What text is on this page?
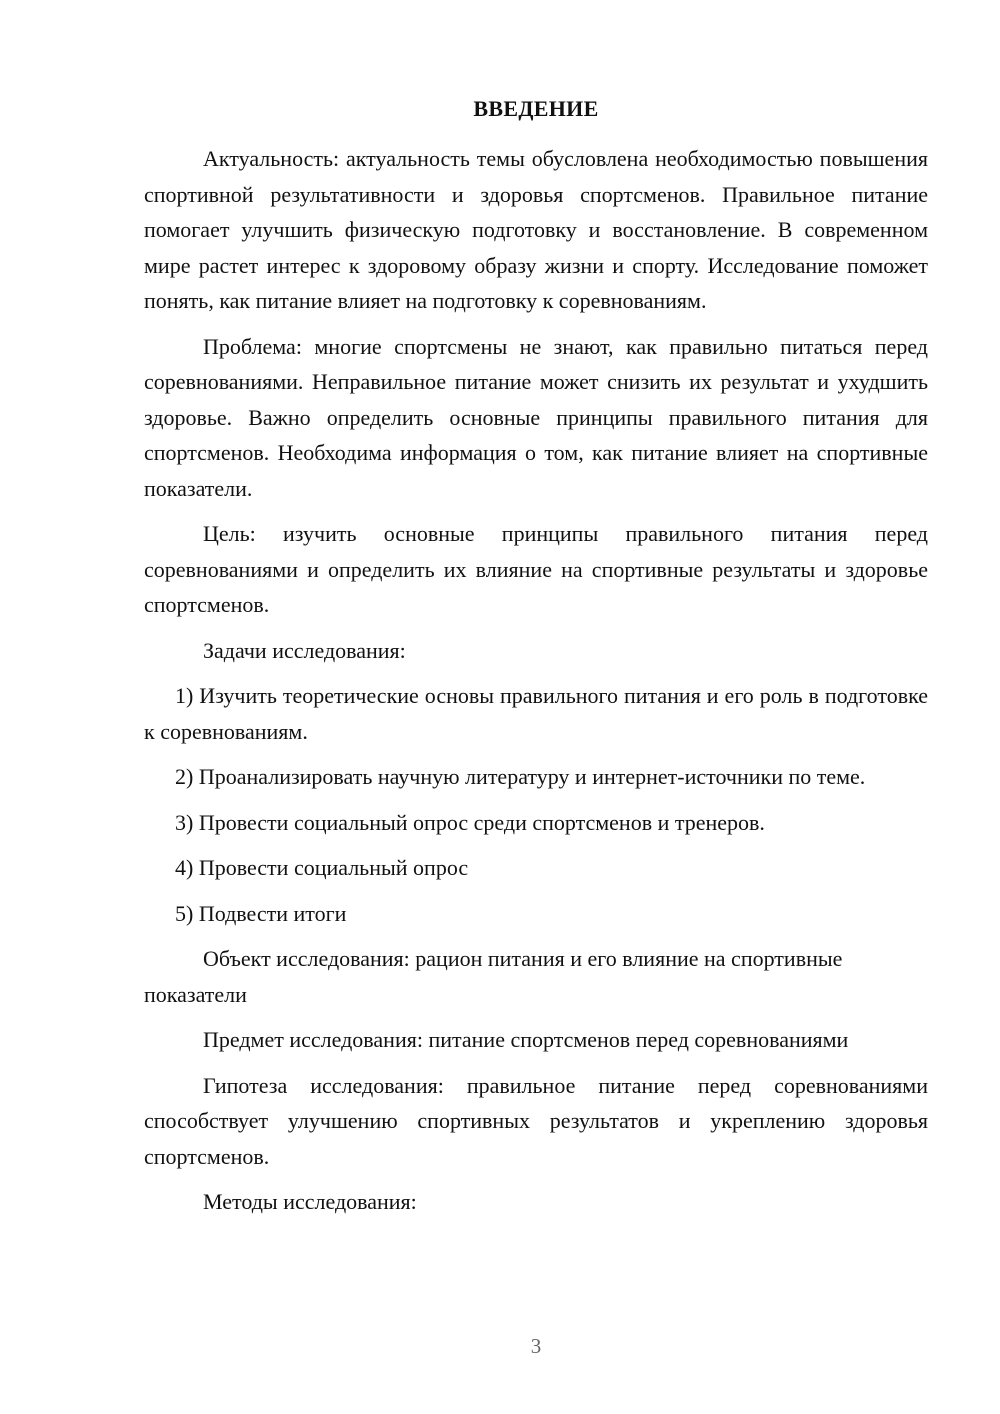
ВВЕДЕНИЕ

Актуальность: актуальность темы обусловлена необходимостью повышения спортивной результативности и здоровья спортсменов. Правильное питание помогает улучшить физическую подготовку и восстановление. В современном мире растет интерес к здоровому образу жизни и спорту. Исследование поможет понять, как питание влияет на подготовку к соревнованиям.

Проблема: многие спортсмены не знают, как правильно питаться перед соревнованиями. Неправильное питание может снизить их результат и ухудшить здоровье. Важно определить основные принципы правильного питания для спортсменов. Необходима информация о том, как питание влияет на спортивные показатели.

Цель: изучить основные принципы правильного питания перед соревнованиями и определить их влияние на спортивные результаты и здоровье спортсменов.

Задачи исследования:

1) Изучить теоретические основы правильного питания и его роль в подготовке к соревнованиям.

2) Проанализировать научную литературу и интернет-источники по теме.

3) Провести социальный опрос среди спортсменов и тренеров.

4) Провести социальный опрос

5) Подвести итоги

Объект исследования: рацион питания и его влияние на спортивные показатели

Предмет исследования: питание спортсменов перед соревнованиями

Гипотеза исследования: правильное питание перед соревнованиями способствует улучшению спортивных результатов и укреплению здоровья спортсменов.

Методы исследования:

3
